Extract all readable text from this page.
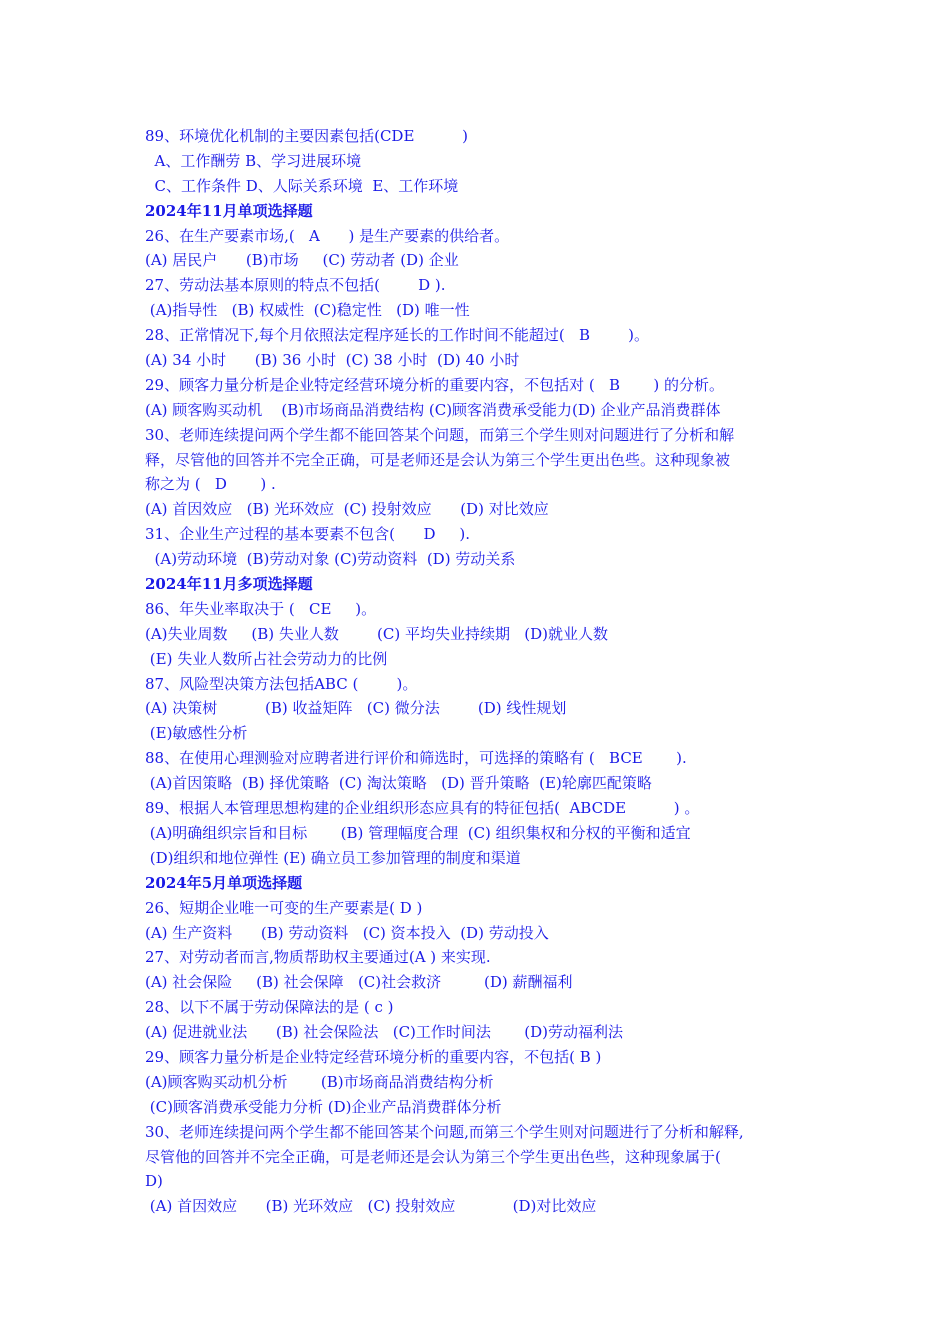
89、环境优化机制的主要因素包括(CDE          )
A、工作酬劳 B、学习进展环境
C、工作条件 D、人际关系环境  E、工作环境
2024年11月单项选择题
26、在生产要素市场,(   A      ) 是生产要素的供给者。
(A) 居民户      (B)市场     (C) 劳动者 (D) 企业
27、劳动法基本原则的特点不包括(        D ).
(A)指导性   (B) 权威性  (C)稳定性   (D) 唯一性
28、正常情况下,每个月依照法定程序延长的工作时间不能超过(   B        )。
(A) 34 小时      (B) 36 小时  (C) 38 小时  (D) 40 小时
29、顾客力量分析是企业特定经营环境分析的重要内容，不包括对 (   B       ) 的分析。
(A) 顾客购买动机    (B)市场商品消费结构 (C)顾客消费承受能力(D) 企业产品消费群体
30、老师连续提问两个学生都不能回答某个问题，而第三个学生则对问题进行了分析和解
释，尽管他的回答并不完全正确，可是老师还是会认为第三个学生更出色些。这种现象被
称之为 (   D       ) .
(A) 首因效应   (B) 光环效应  (C) 投射效应      (D) 对比效应
31、企业生产过程的基本要素不包含(      D     ).
(A)劳动环境  (B)劳动对象 (C)劳动资料  (D) 劳动关系
2024年11月多项选择题
86、年失业率取决于 (   CE     )。
(A)失业周数     (B) 失业人数        (C) 平均失业持续期   (D)就业人数
(E) 失业人数所占社会劳动力的比例
87、风险型决策方法包括ABC (        )。
(A) 决策树          (B) 收益矩阵   (C) 微分法        (D) 线性规划
(E)敏感性分析
88、在使用心理测验对应聘者进行评价和筛选时，可选择的策略有 (   BCE       ).
(A)首因策略  (B) 择优策略  (C) 淘汰策略   (D) 晋升策略  (E)轮廓匹配策略
89、根据人本管理思想构建的企业组织形态应具有的特征包括(  ABCDE          ) 。
(A)明确组织宗旨和目标       (B) 管理幅度合理  (C) 组织集权和分权的平衡和适宜
(D)组织和地位弹性 (E) 确立员工参加管理的制度和渠道
2024年5月单项选择题
26、短期企业唯一可变的生产要素是( D )
(A) 生产资料      (B) 劳动资料   (C) 资本投入  (D) 劳动投入
27、对劳动者而言,物质帮助权主要通过(A ) 来实现.
(A) 社会保险     (B) 社会保障   (C)社会救济         (D) 薪酬福利
28、以下不属于劳动保障法的是 ( c )
(A) 促进就业法      (B) 社会保险法   (C)工作时间法       (D)劳动福利法
29、顾客力量分析是企业特定经营环境分析的重要内容，不包括( B )
(A)顾客购买动机分析       (B)市场商品消费结构分析
(C)顾客消费承受能力分析 (D)企业产品消费群体分析
30、老师连续提问两个学生都不能回答某个问题,而第三个学生则对问题进行了分析和解释,
尽管他的回答并不完全正确，可是老师还是会认为第三个学生更出色些，这种现象属于(
D)
(A) 首因效应      (B) 光环效应   (C) 投射效应            (D)对比效应
